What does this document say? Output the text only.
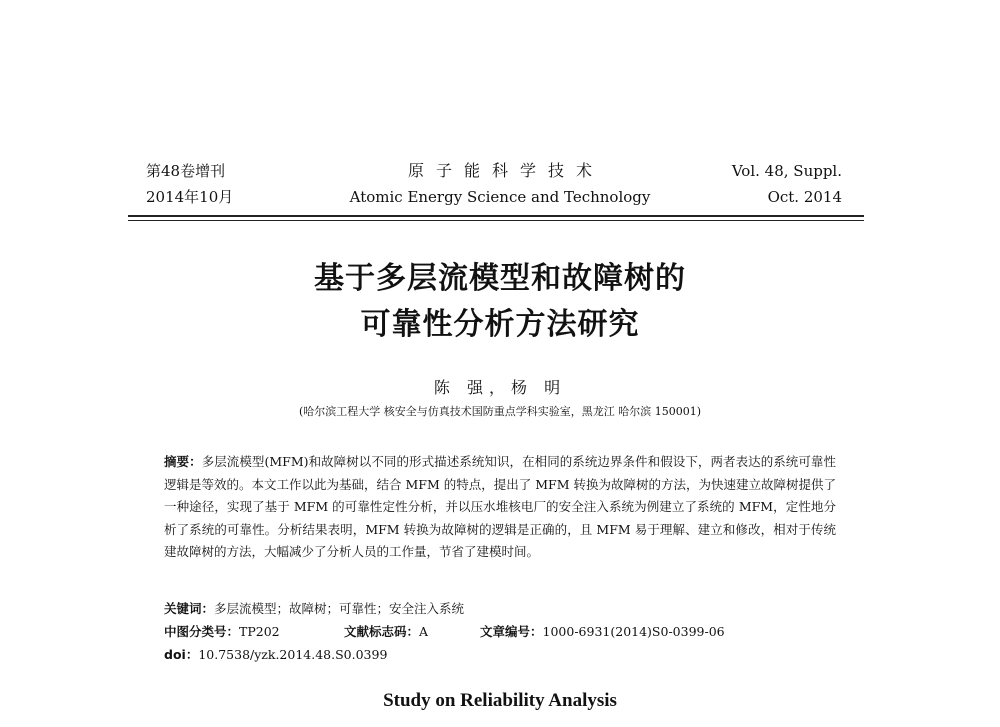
第48卷增刊
2014年10月
原子能科学技术
Atomic Energy Science and Technology
Vol. 48, Suppl.
Oct. 2014
基于多层流模型和故障树的
可靠性分析方法研究
陈 强，杨 明
(哈尔滨工程大学 核安全与仿真技术国防重点学科实验室，黑龙江 哈尔滨 150001)
摘要：多层流模型(MFM)和故障树以不同的形式描述系统知识，在相同的系统边界条件和假设下，两者表达的系统可靠性逻辑是等效的。本文工作以此为基础，结合 MFM 的特点，提出了 MFM 转换为故障树的方法，为快速建立故障树提供了一种途径，实现了基于 MFM 的可靠性定性分析，并以压水堆核电厂的安全注入系统为例建立了系统的 MFM，定性地分析了系统的可靠性。分析结果表明，MFM 转换为故障树的逻辑是正确的，且 MFM 易于理解、建立和修改，相对于传统建故障树的方法，大幅减少了分析人员的工作量，节省了建模时间。
关键词：多层流模型；故障树；可靠性；安全注入系统
中图分类号：TP202	文献标志码：A	文章编号：1000-6931(2014)S0-0399-06
doi：10.7538/yzk.2014.48.S0.0399
Study on Reliability Analysis
